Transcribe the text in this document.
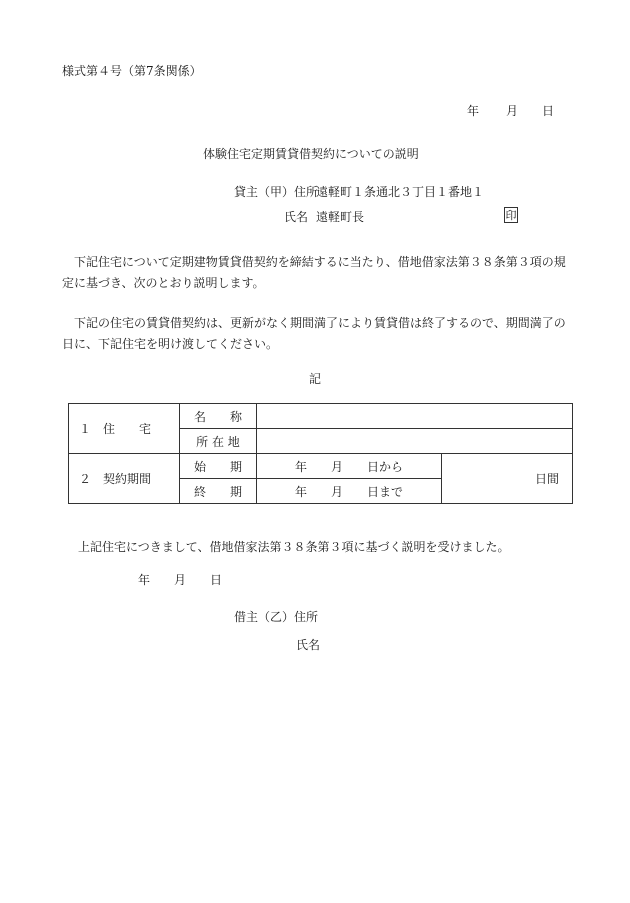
様式第４号（第7条関係）
年 月 日
体験住宅定期賃貸借契約についての説明
貸主（甲）住所
遠軽町１条通北３丁目１番地１
氏名 遠軽町長	印
下記住宅について定期建物賃貸借契約を締結するに当たり、借地借家法第３８条第３項の規定に基づき、次のとおり説明します。
下記の住宅の賃貸借契約は、更新がなく期間満了により賃貸借は終了するので、期間満了の日に、下記住宅を明け渡してください。
記
１　住　　宅	名　　称		
	所 在 地		
２　契約期間	始　　期	年　　月　　日から	日間
	終　　期	年　　月　　日まで	
上記住宅につきまして、借地借家法第３８条第３項に基づく説明を受けました。
年 月 日
借主（乙）住所
氏名
